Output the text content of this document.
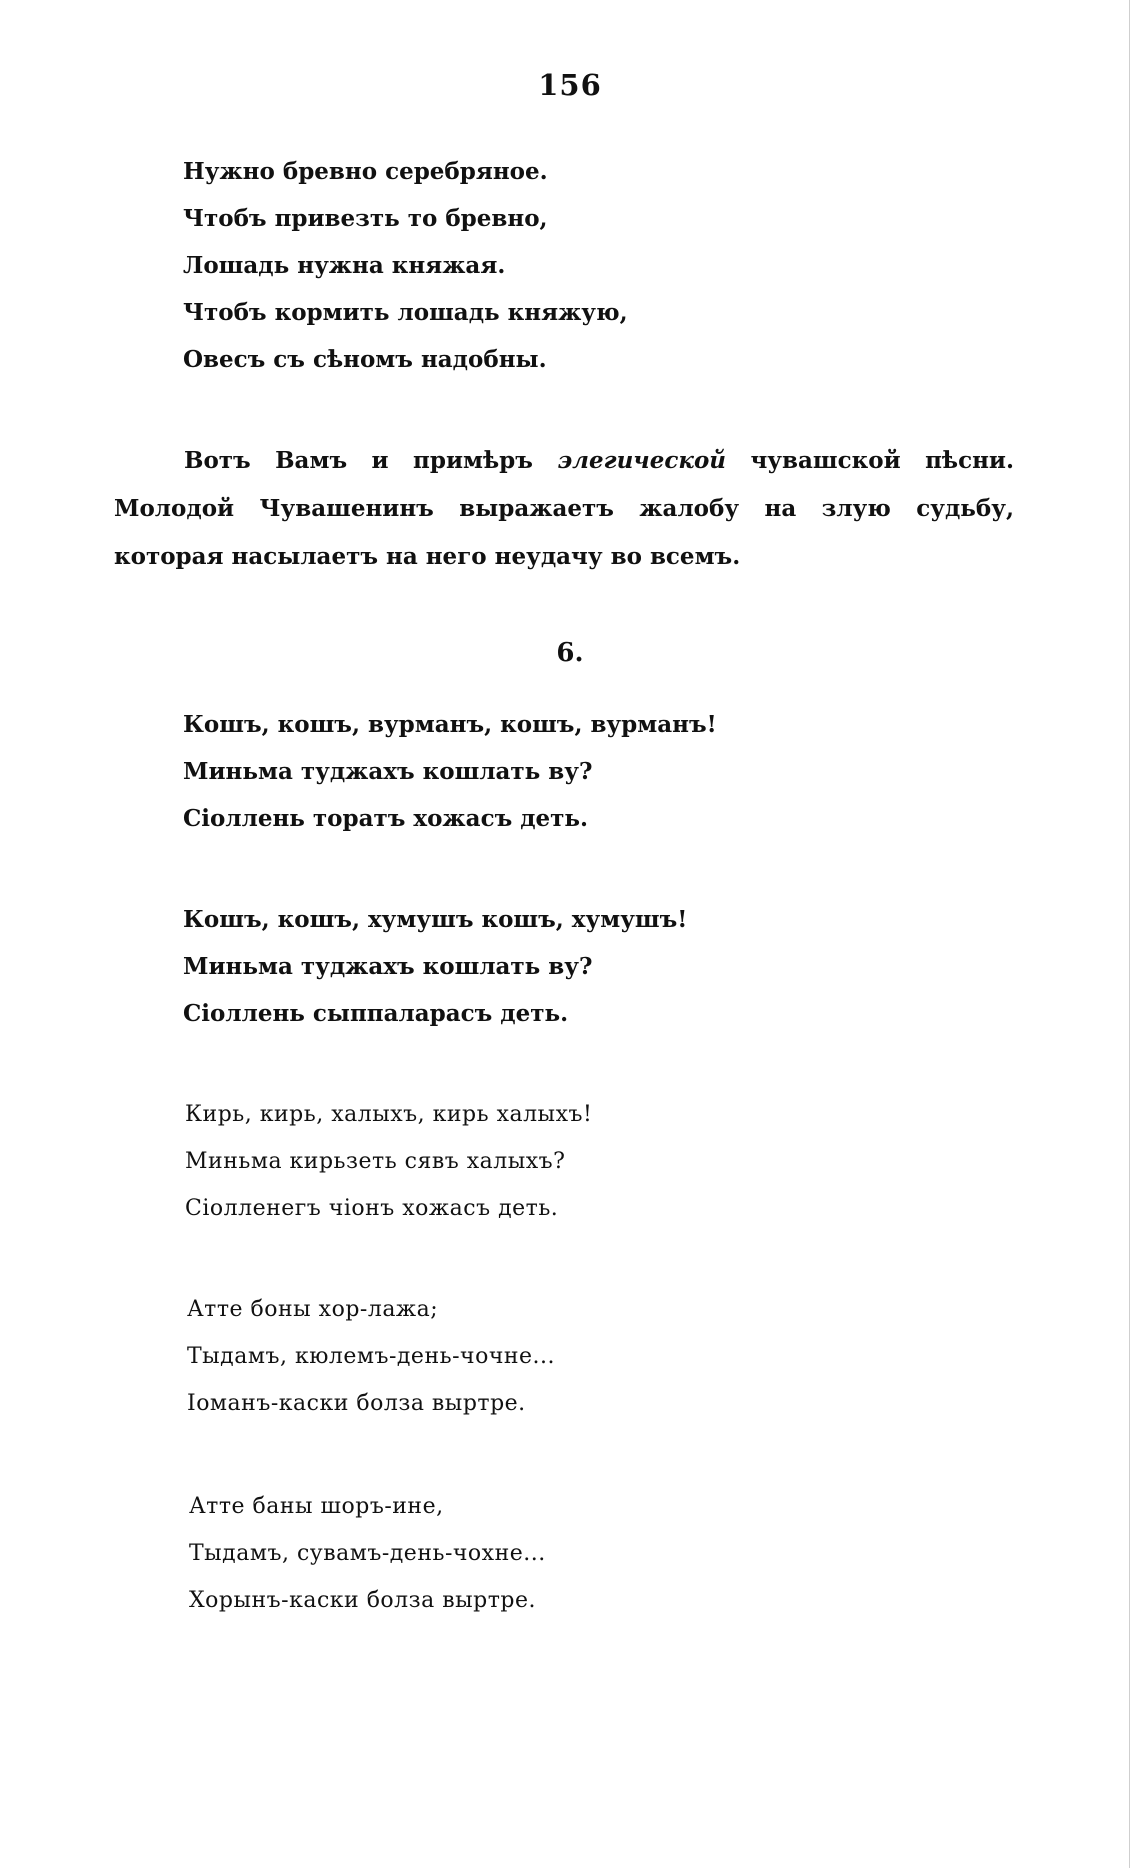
156
Нужно бревно серебряное.
Чтобъ привезть то бревно,
Лошадь нужна княжая.
Чтобъ кормить лошадь княжую,
Овесъ съ сѣномъ надобны.
Вотъ Вамъ и примѣръ элегической чувашской пѣсни. Молодой Чувашенинъ выражаетъ жалобу на злую судьбу, которая насылаетъ на него неудачу во всемъ.
6.
Кошъ, кошъ, вурманъ, кошъ, вурманъ!
Миньма туджахъ кошлать ву?
Сіоллень торатъ хожасъ деть.
Кошъ, кошъ, хумушъ кошъ, хумушъ!
Миньма туджахъ кошлать ву?
Сіоллень сыппаларасъ деть.
Кирь, кирь, халыхъ, кирь халыхъ!
Миньма кирьзеть сявъ халыхъ?
Сіолленегъ чіонъ хожасъ деть.
Атте боны хор-лажа;
Тыдамъ, кюлемъ-день-чочне...
Іоманъ-каски болза выртре.
Атте баны шоръ-ине,
Тыдамъ, сувамъ-день-чохне...
Хорынъ-каски болза выртре.
